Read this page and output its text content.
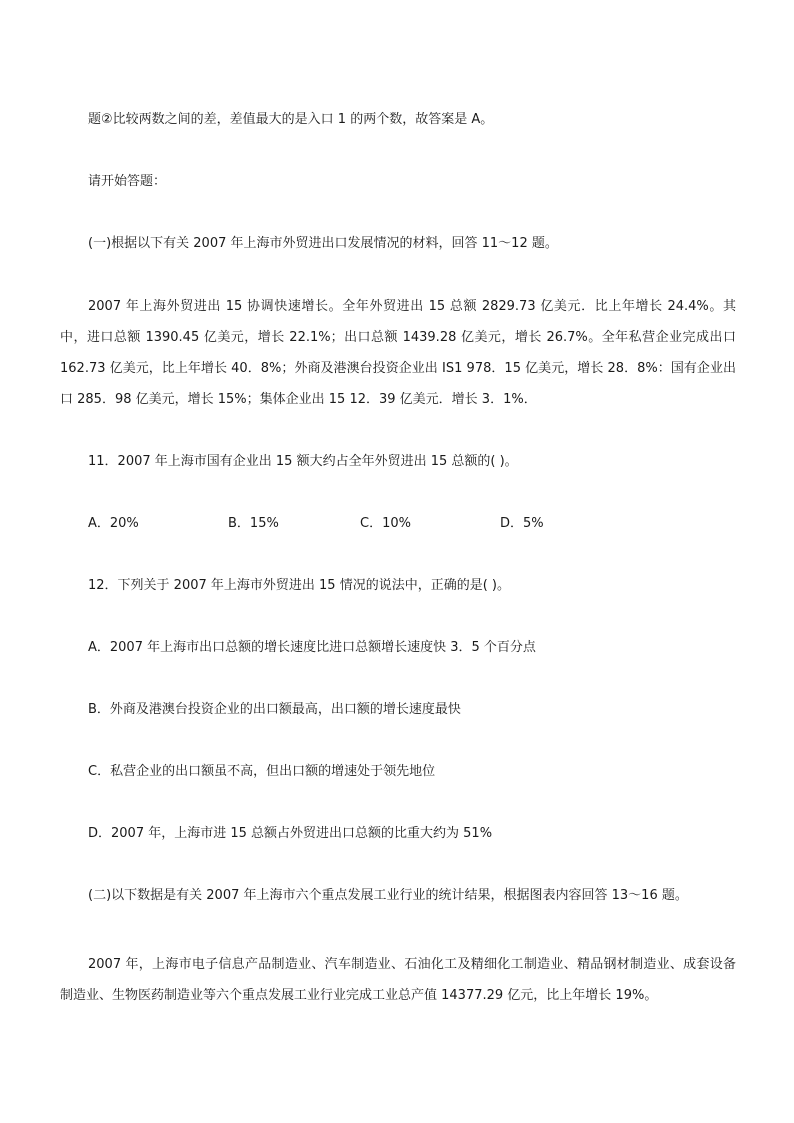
题②比较两数之间的差，差值最大的是入口 1 的两个数，故答案是 A。
请开始答题：
(一)根据以下有关 2007 年上海市外贸进出口发展情况的材料，回答 11～12 题。
2007 年上海外贸进出 15 协调快速增长。全年外贸进出 15 总额 2829.73 亿美元．比上年增长 24.4%。其中，进口总额 1390.45 亿美元，增长 22.1%；出口总额 1439.28 亿美元，增长 26.7%。全年私营企业完成出口 162.73 亿美元，比上年增长 40．8%；外商及港澳台投资企业出 IS1 978．15 亿美元，增长 28．8%：国有企业出口 285．98 亿美元，增长 15%；集体企业出 15 12．39 亿美元．增长 3．1%．
11．2007 年上海市国有企业出 15 额大约占全年外贸进出 15 总额的( )。
A．20%	B．15%	C．10%	D．5%
12．下列关于 2007 年上海市外贸进出 15 情况的说法中，正确的是( )。
A．2007 年上海市出口总额的增长速度比进口总额增长速度快 3．5 个百分点
B．外商及港澳台投资企业的出口额最高，出口额的增长速度最快
C．私营企业的出口额虽不高，但出口额的增速处于领先地位
D．2007 年，上海市进 15 总额占外贸进出口总额的比重大约为 51%
(二)以下数据是有关 2007 年上海市六个重点发展工业行业的统计结果，根据图表内容回答 13～16 题。
2007 年，上海市电子信息产品制造业、汽车制造业、石油化工及精细化工制造业、精品钢材制造业、成套设备制造业、生物医药制造业等六个重点发展工业行业完成工业总产值 14377.29 亿元，比上年增长 19%。
